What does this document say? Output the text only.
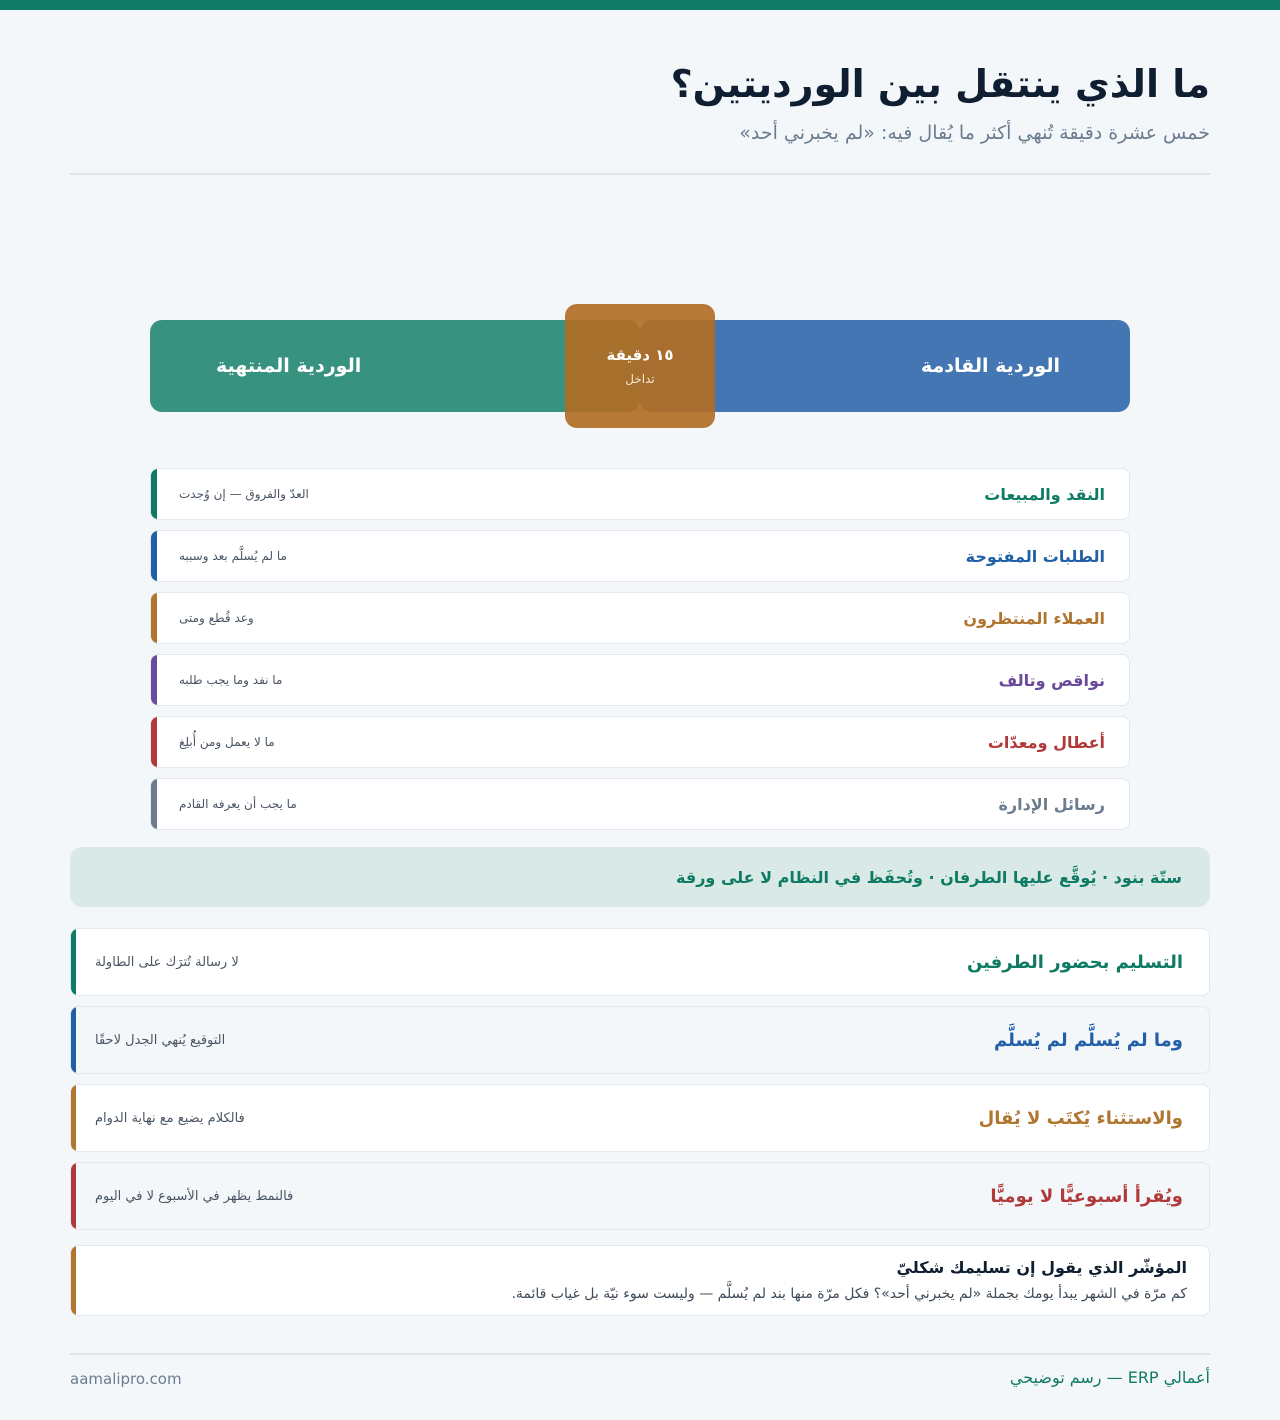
ما الذي ينتقل بين الورديتين؟
خمس عشرة دقيقة تُنهي أكثر ما يُقال فيه: «لم يخبرني أحد»
الوردية القادمة
الوردية المنتهية	١٥ دقيقة
تداخل
النقد والمبيعات
العدّ والفروق — إن وُجدت
الطلبات المفتوحة
ما لم يُسلَّم بعد وسببه
العملاء المنتظرون
وعد قُطع ومتى
نواقص وتالف
ما نفد وما يجب طلبه
أعطال ومعدّات
ما لا يعمل ومن أُبلِغ
رسائل الإدارة
ما يجب أن يعرفه القادم
ستّة بنود · يُوقَّع عليها الطرفان · وتُحفَظ في النظام لا على ورقة
التسليم بحضور الطرفين
لا رسالة تُترَك على الطاولة
وما لم يُسلَّم لم يُسلَّم
التوقيع يُنهي الجدل لاحقًا
والاستثناء يُكتَب لا يُقال
فالكلام يضيع مع نهاية الدوام
ويُقرأ أسبوعيًّا لا يوميًّا
فالنمط يظهر في الأسبوع لا في اليوم
المؤشّر الذي يقول إن تسليمك شكليّ
كم مرّة في الشهر يبدأ يومك بجملة «لم يخبرني أحد»؟ فكل مرّة منها بند لم يُسلَّم — وليست سوء نيّة بل غياب قائمة.
أعمالي ERP — رسم توضيحي
aamalipro.com
